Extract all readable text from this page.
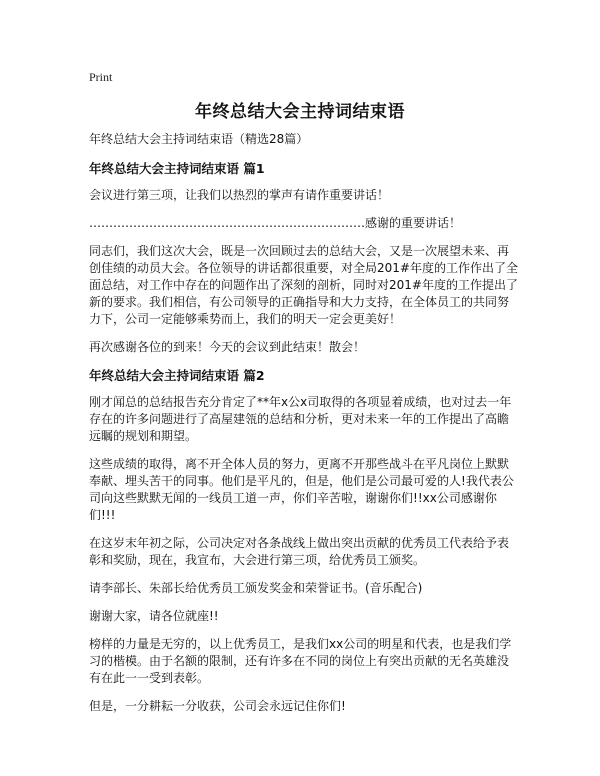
Print
年终总结大会主持词结束语

年终总结大会主持词结束语（精选28篇）

年终总结大会主持词结束语 篇1

会议进行第三项，让我们以热烈的掌声有请作重要讲话！

……………………………………………………………感谢的重要讲话！

同志们，我们这次大会，既是一次回顾过去的总结大会，又是一次展望未来、再创佳绩的动员大会。各位领导的讲话都很重要，对全局201#年度的工作作出了全面总结，对工作中存在的问题作出了深刻的剖析，同时对201#年度的工作提出了新的要求。我们相信，有公司领导的正确指导和大力支持，在全体员工的共同努力下，公司一定能够乘势而上，我们的明天一定会更美好！

再次感谢各位的到来！今天的会议到此结束！散会！

年终总结大会主持词结束语 篇2

刚才闻总的总结报告充分肯定了**年x公x司取得的各项显着成绩，也对过去一年存在的许多问题进行了高屋建瓴的总结和分析，更对未来一年的工作提出了高瞻远瞩的规划和期望。

这些成绩的取得，离不开全体人员的努力，更离不开那些战斗在平凡岗位上默默奉献、埋头苦干的同事。他们是平凡的，但是，他们是公司最可爱的人!我代表公司向这些默默无闻的一线员工道一声，你们辛苦啦，谢谢你们!!xx公司感谢你们!!!

在这岁末年初之际，公司决定对各条战线上做出突出贡献的优秀员工代表给予表彰和奖励，现在，我宣布，大会进行第三项，给优秀员工颁奖。

请李部长、朱部长给优秀员工颁发奖金和荣誉证书。(音乐配合)

谢谢大家，请各位就座!!

榜样的力量是无穷的，以上优秀员工，是我们xx公司的明星和代表，也是我们学习的楷模。由于名额的限制，还有许多在不同的岗位上有突出贡献的无名英雄没有在此一一受到表彰。

但是，一分耕耘一分收获，公司会永远记住你们!
